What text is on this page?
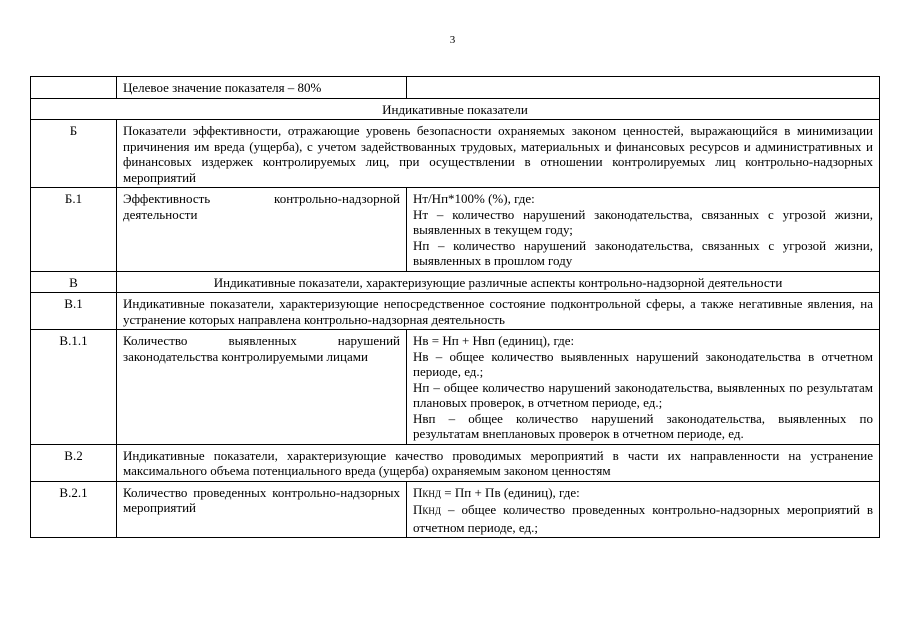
3
	Целевое значение показателя – 80%	
Индикативные показатели		
Б	Показатели эффективности, отражающие уровень безопасности охраняемых законом ценностей, выражающийся в минимизации причинения им вреда (ущерба), с учетом задействованных трудовых, материальных и финансовых ресурсов и административных и финансовых издержек контролируемых лиц, при осуществлении в отношении контролируемых лиц контрольно-надзорных мероприятий	
Б.1	Эффективность контрольно-надзорной деятельности	Нт/Нп*100% (%), где:

Нт – количество нарушений законодательства, связанных с угрозой жизни, выявленных в текущем году;

Нп – количество нарушений законодательства, связанных с угрозой жизни, выявленных в прошлом году

В	Индикативные показатели, характеризующие различные аспекты контрольно-надзорной деятельности	
В.1	Индикативные показатели, характеризующие непосредственное состояние подконтрольной сферы, а также негативные явления, на устранение которых направлена контрольно-надзорная деятельность	
В.1.1	Количество выявленных нарушений законодательства контролируемыми лицами	Нв = Нп + Нвп (единиц), где:

Нв – общее количество выявленных нарушений законодательства в отчетном периоде, ед.;

Нп – общее количество нарушений законодательства, выявленных по результатам плановых проверок, в отчетном периоде, ед.;

Нвп – общее количество нарушений законодательства, выявленных по результатам внеплановых проверок в отчетном периоде, ед.

В.2	Индикативные показатели, характеризующие качество проводимых мероприятий в части их направленности на устранение максимального объема потенциального вреда (ущерба) охраняемым законом ценностям	
В.2.1	Количество проведенных контрольно-надзорных мероприятий	ПКНД = Пп + Пв (единиц), где:

ПКНД – общее количество проведенных контрольно-надзорных мероприятий в отчетном периоде, ед.;
